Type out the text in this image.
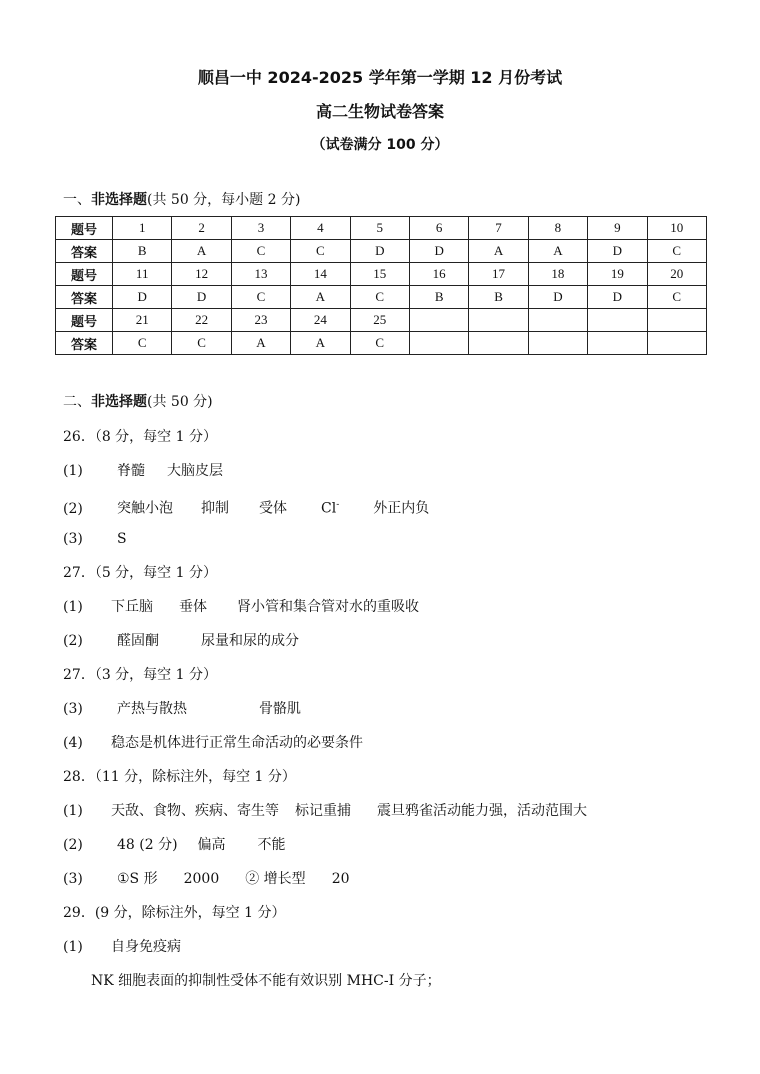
顺昌一中 2024-2025 学年第一学期 12 月份考试
高二生物试卷答案
（试卷满分 100 分）
一、非选择题(共 50 分，每小题 2 分)
题号	1	2	3	4	5	6	7	8	9	10
答案	B	A	C	C	D	D	A	A	D	C
题号	11	12	13	14	15	16	17	18	19	20
答案	D	D	C	A	C	B	B	D	D	C
题号	21	22	23	24	25					
答案	C	C	A	A	C					
二、非选择题(共 50 分)
26．（8 分，每空 1 分）
(1) 脊髓 大脑皮层
(2) 突触小泡 抑制 受体 Cl- 外正内负
(3) S
27．（5 分，每空 1 分）
(1) 下丘脑 垂体 肾小管和集合管对水的重吸收
(2) 醛固酮	尿量和尿的成分
27．（3 分，每空 1 分）
(3) 产热与散热	骨骼肌
(4) 稳态是机体进行正常生命活动的必要条件
28．（11 分，除标注外，每空 1 分）
(1) 天敌、食物、疾病、寄生等 标记重捕 震旦鸦雀活动能力强，活动范围大
(2) 48 (2 分) 偏高 不能
(3) ①S 形 2000 ② 增长型 20
29．(9 分，除标注外，每空 1 分）
(1) 自身免疫病
NK 细胞表面的抑制性受体不能有效识别 MHC-I 分子；
